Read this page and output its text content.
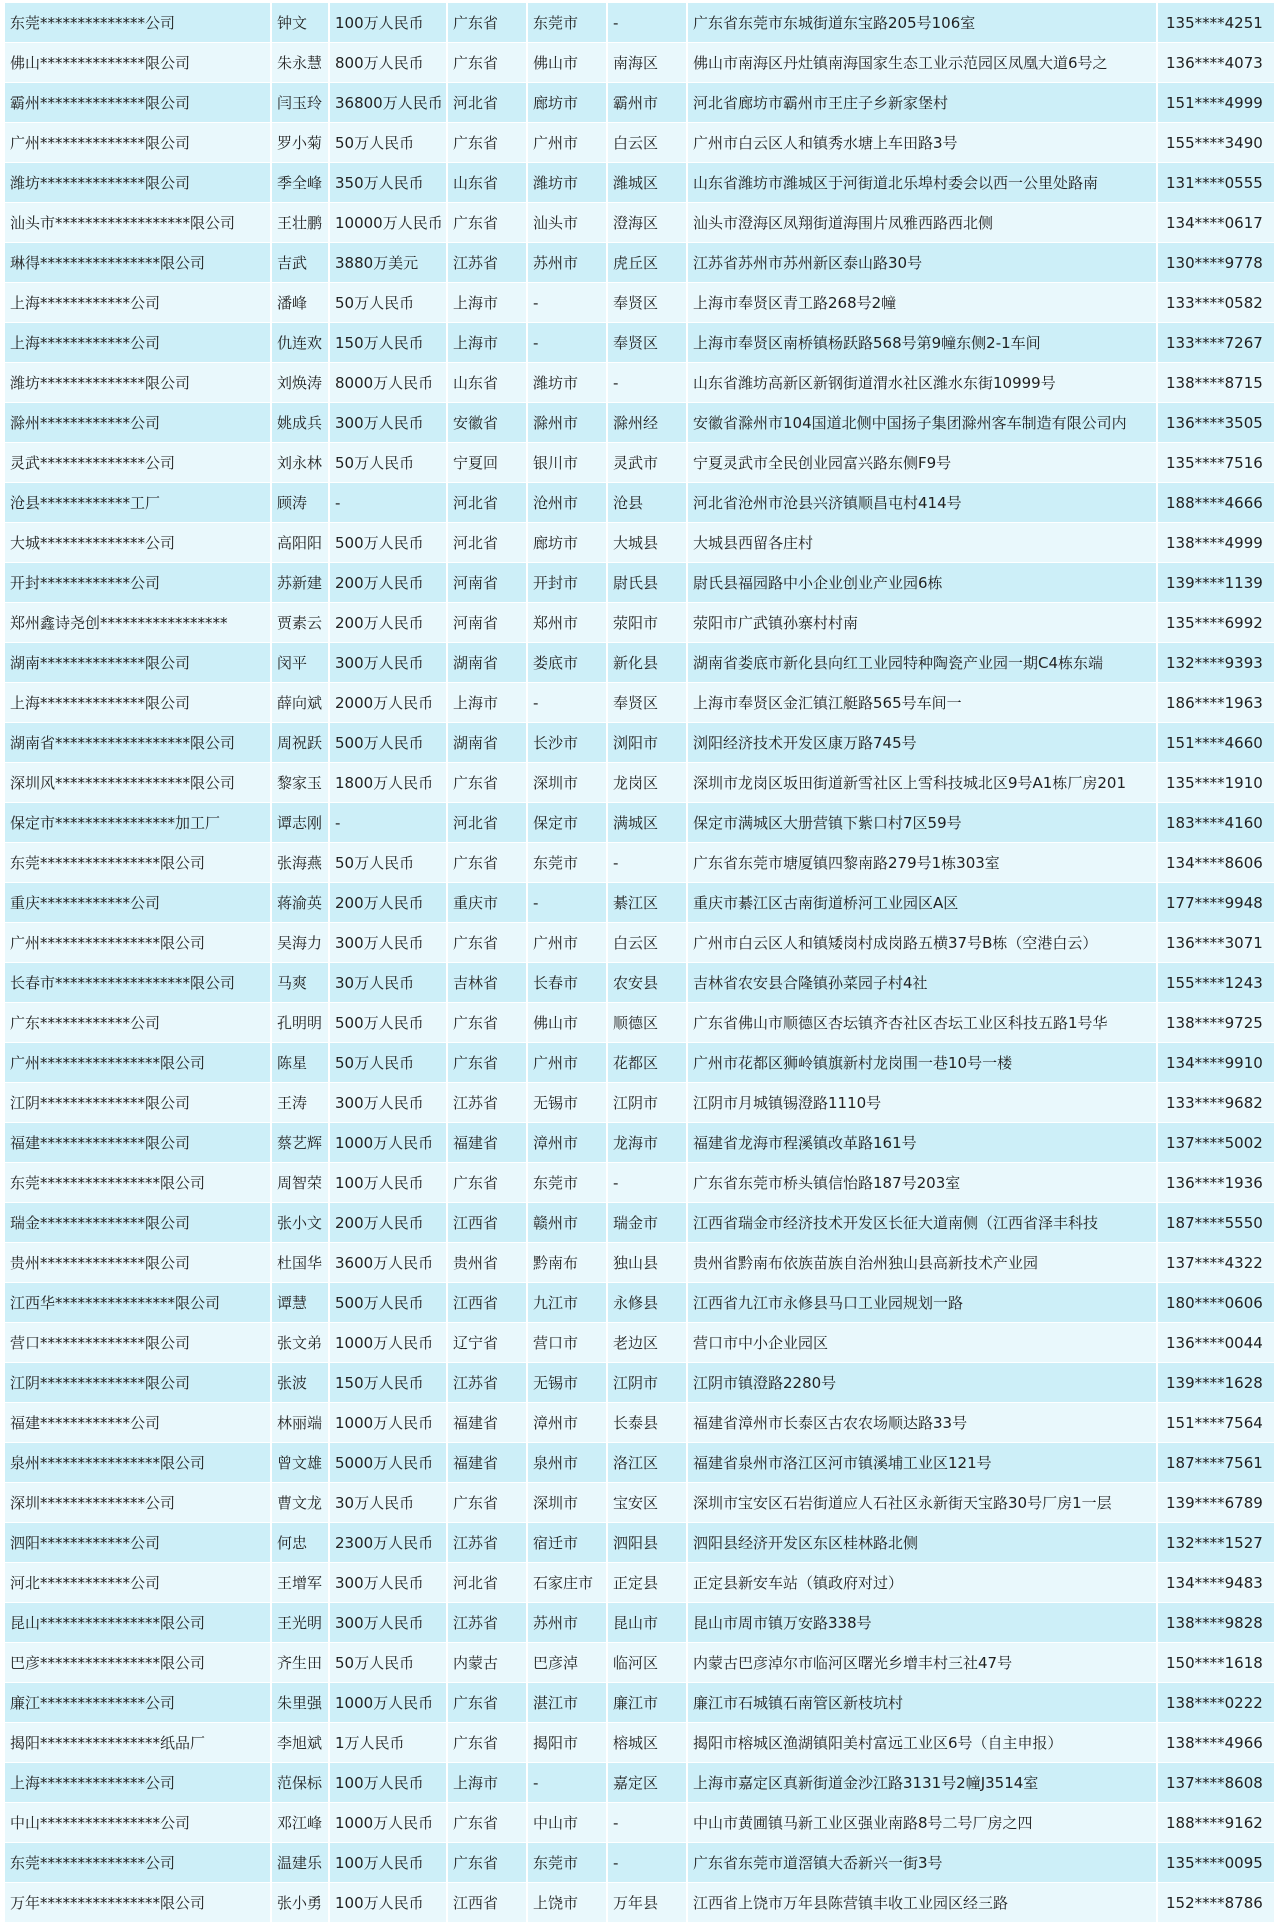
东莞**************公司	钟文	100万人民币	广东省	东莞市	-	广东省东莞市东城街道东宝路205号106室	135****4251
佛山**************限公司	朱永慧	800万人民币	广东省	佛山市	南海区	佛山市南海区丹灶镇南海国家生态工业示范园区凤凰大道6号之	136****4073
霸州**************限公司	闫玉玲	36800万人民币	河北省	廊坊市	霸州市	河北省廊坊市霸州市王庄子乡新家堡村	151****4999
广州**************限公司	罗小菊	50万人民币	广东省	广州市	白云区	广州市白云区人和镇秀水塘上车田路3号	155****3490
潍坊**************限公司	季全峰	350万人民币	山东省	潍坊市	潍城区	山东省潍坊市潍城区于河街道北乐埠村委会以西一公里处路南	131****0555
汕头市******************限公司	王壮鹏	10000万人民币	广东省	汕头市	澄海区	汕头市澄海区凤翔街道海围片凤雅西路西北侧	134****0617
琳得****************限公司	吉武	3880万美元	江苏省	苏州市	虎丘区	江苏省苏州市苏州新区泰山路30号	130****9778
上海************公司	潘峰	50万人民币	上海市	-	奉贤区	上海市奉贤区青工路268号2幢	133****0582
上海************公司	仇连欢	150万人民币	上海市	-	奉贤区	上海市奉贤区南桥镇杨跃路568号第9幢东侧2-1车间	133****7267
潍坊**************限公司	刘焕涛	8000万人民币	山东省	潍坊市	-	山东省潍坊高新区新钢街道渭水社区潍水东街10999号	138****8715
滁州************公司	姚成兵	300万人民币	安徽省	滁州市	滁州经	安徽省滁州市104国道北侧中国扬子集团滁州客车制造有限公司内	136****3505
灵武**************公司	刘永林	50万人民币	宁夏回	银川市	灵武市	宁夏灵武市全民创业园富兴路东侧F9号	135****7516
沧县************工厂	顾涛	-	河北省	沧州市	沧县	河北省沧州市沧县兴济镇顺昌屯村414号	188****4666
大城**************公司	高阳阳	500万人民币	河北省	廊坊市	大城县	大城县西留各庄村	138****4999
开封************公司	苏新建	200万人民币	河南省	开封市	尉氏县	尉氏县福园路中小企业创业产业园6栋	139****1139
郑州鑫诗尧创*****************	贾素云	200万人民币	河南省	郑州市	荥阳市	荥阳市广武镇孙寨村村南	135****6992
湖南**************限公司	闵平	300万人民币	湖南省	娄底市	新化县	湖南省娄底市新化县向红工业园特种陶瓷产业园一期C4栋东端	132****9393
上海**************限公司	薛向斌	2000万人民币	上海市	-	奉贤区	上海市奉贤区金汇镇江艇路565号车间一	186****1963
湖南省******************限公司	周祝跃	500万人民币	湖南省	长沙市	浏阳市	浏阳经济技术开发区康万路745号	151****4660
深圳风******************限公司	黎家玉	1800万人民币	广东省	深圳市	龙岗区	深圳市龙岗区坂田街道新雪社区上雪科技城北区9号A1栋厂房201	135****1910
保定市****************加工厂	谭志刚	-	河北省	保定市	满城区	保定市满城区大册营镇下紫口村7区59号	183****4160
东莞****************限公司	张海燕	50万人民币	广东省	东莞市	-	广东省东莞市塘厦镇四黎南路279号1栋303室	134****8606
重庆************公司	蒋渝英	200万人民币	重庆市	-	綦江区	重庆市綦江区古南街道桥河工业园区A区	177****9948
广州****************限公司	吴海力	300万人民币	广东省	广州市	白云区	广州市白云区人和镇矮岗村成岗路五横37号B栋（空港白云）	136****3071
长春市******************限公司	马爽	30万人民币	吉林省	长春市	农安县	吉林省农安县合隆镇孙菜园子村4社	155****1243
广东************公司	孔明明	500万人民币	广东省	佛山市	顺德区	广东省佛山市顺德区杏坛镇齐杏社区杏坛工业区科技五路1号华	138****9725
广州****************限公司	陈星	50万人民币	广东省	广州市	花都区	广州市花都区狮岭镇旗新村龙岗围一巷10号一楼	134****9910
江阴**************限公司	王涛	300万人民币	江苏省	无锡市	江阴市	江阴市月城镇锡澄路1110号	133****9682
福建**************限公司	蔡艺辉	1000万人民币	福建省	漳州市	龙海市	福建省龙海市程溪镇改革路161号	137****5002
东莞****************限公司	周智荣	100万人民币	广东省	东莞市	-	广东省东莞市桥头镇信怡路187号203室	136****1936
瑞金**************限公司	张小文	200万人民币	江西省	赣州市	瑞金市	江西省瑞金市经济技术开发区长征大道南侧（江西省泽丰科技	187****5550
贵州**************限公司	杜国华	3600万人民币	贵州省	黔南布	独山县	贵州省黔南布依族苗族自治州独山县高新技术产业园	137****4322
江西华****************限公司	谭慧	500万人民币	江西省	九江市	永修县	江西省九江市永修县马口工业园规划一路	180****0606
营口**************限公司	张文弟	1000万人民币	辽宁省	营口市	老边区	营口市中小企业园区	136****0044
江阴**************限公司	张波	150万人民币	江苏省	无锡市	江阴市	江阴市镇澄路2280号	139****1628
福建************公司	林丽端	1000万人民币	福建省	漳州市	长泰县	福建省漳州市长泰区古农农场顺达路33号	151****7564
泉州****************限公司	曾文雄	5000万人民币	福建省	泉州市	洛江区	福建省泉州市洛江区河市镇溪埔工业区121号	187****7561
深圳**************公司	曹文龙	30万人民币	广东省	深圳市	宝安区	深圳市宝安区石岩街道应人石社区永新街天宝路30号厂房1一层	139****6789
泗阳************公司	何忠	2300万人民币	江苏省	宿迁市	泗阳县	泗阳县经济开发区东区桂林路北侧	132****1527
河北************公司	王增军	300万人民币	河北省	石家庄市	正定县	正定县新安车站（镇政府对过）	134****9483
昆山****************限公司	王光明	300万人民币	江苏省	苏州市	昆山市	昆山市周市镇万安路338号	138****9828
巴彦****************限公司	齐生田	50万人民币	内蒙古	巴彦淖	临河区	内蒙古巴彦淖尔市临河区曙光乡增丰村三社47号	150****1618
廉江**************公司	朱里强	1000万人民币	广东省	湛江市	廉江市	廉江市石城镇石南管区新枝坑村	138****0222
揭阳****************纸品厂	李旭斌	1万人民币	广东省	揭阳市	榕城区	揭阳市榕城区渔湖镇阳美村富远工业区6号（自主申报）	138****4966
上海**************公司	范保标	100万人民币	上海市	-	嘉定区	上海市嘉定区真新街道金沙江路3131号2幢J3514室	137****8608
中山****************公司	邓江峰	1000万人民币	广东省	中山市	-	中山市黄圃镇马新工业区强业南路8号二号厂房之四	188****9162
东莞**************公司	温建乐	100万人民币	广东省	东莞市	-	广东省东莞市道滘镇大岙新兴一街3号	135****0095
万年****************限公司	张小勇	100万人民币	江西省	上饶市	万年县	江西省上饶市万年县陈营镇丰收工业园区经三路	152****8786
